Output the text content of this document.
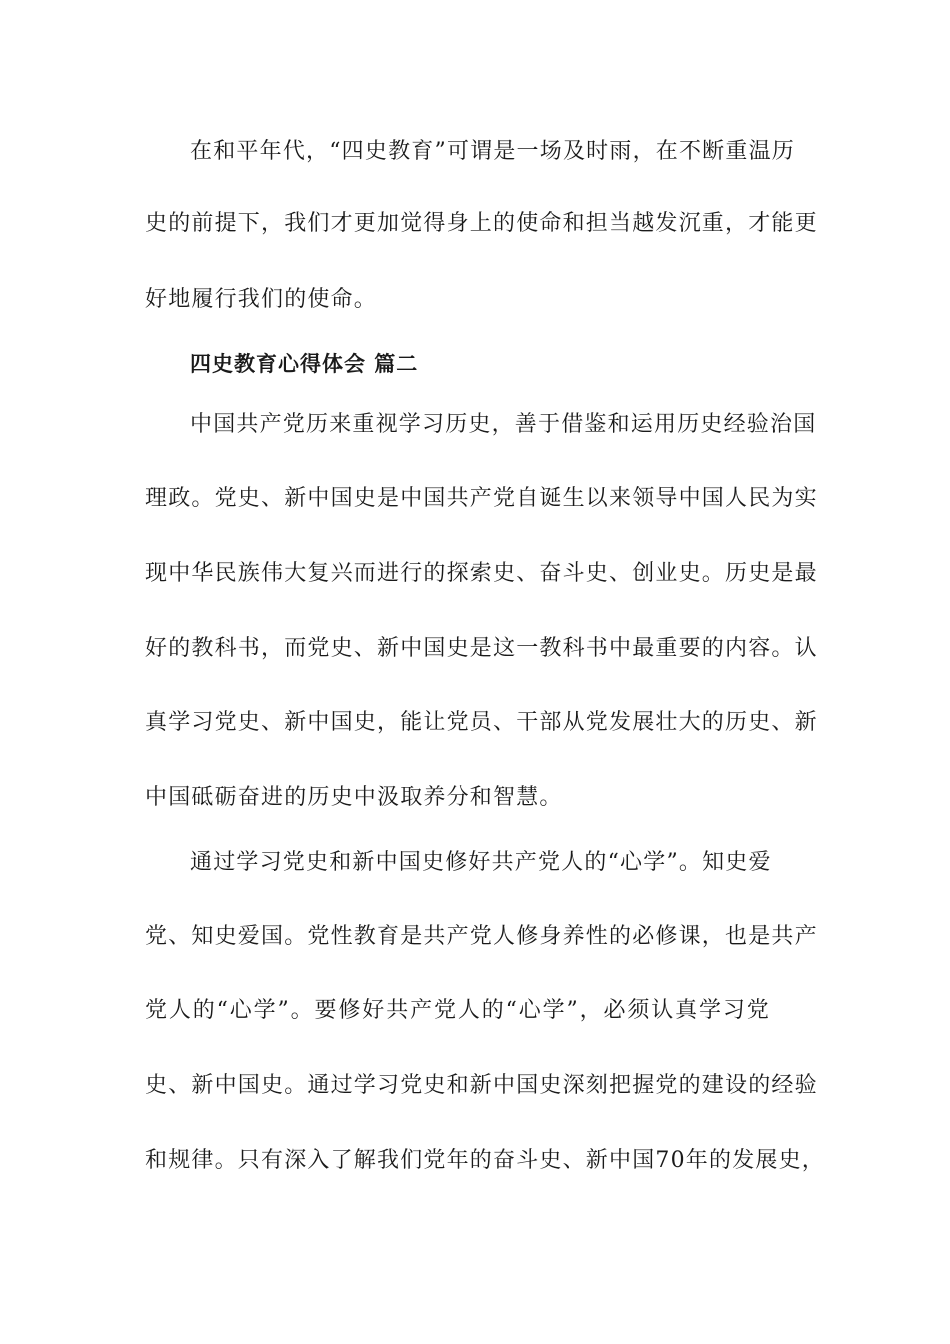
在和平年代，“四史教育”可谓是一场及时雨，在不断重温历
史的前提下，我们才更加觉得身上的使命和担当越发沉重，才能更
好地履行我们的使命。
四史教育心得体会 篇二
中国共产党历来重视学习历史，善于借鉴和运用历史经验治国
理政。党史、新中国史是中国共产党自诞生以来领导中国人民为实
现中华民族伟大复兴而进行的探索史、奋斗史、创业史。历史是最
好的教科书，而党史、新中国史是这一教科书中最重要的内容。认
真学习党史、新中国史，能让党员、干部从党发展壮大的历史、新
中国砥砺奋进的历史中汲取养分和智慧。
通过学习党史和新中国史修好共产党人的“心学”。知史爱
党、知史爱国。党性教育是共产党人修身养性的必修课，也是共产
党人的“心学”。要修好共产党人的“心学”，必须认真学习党
史、新中国史。通过学习党史和新中国史深刻把握党的建设的经验
和规律。只有深入了解我们党年的奋斗史、新中国70年的发展史，
